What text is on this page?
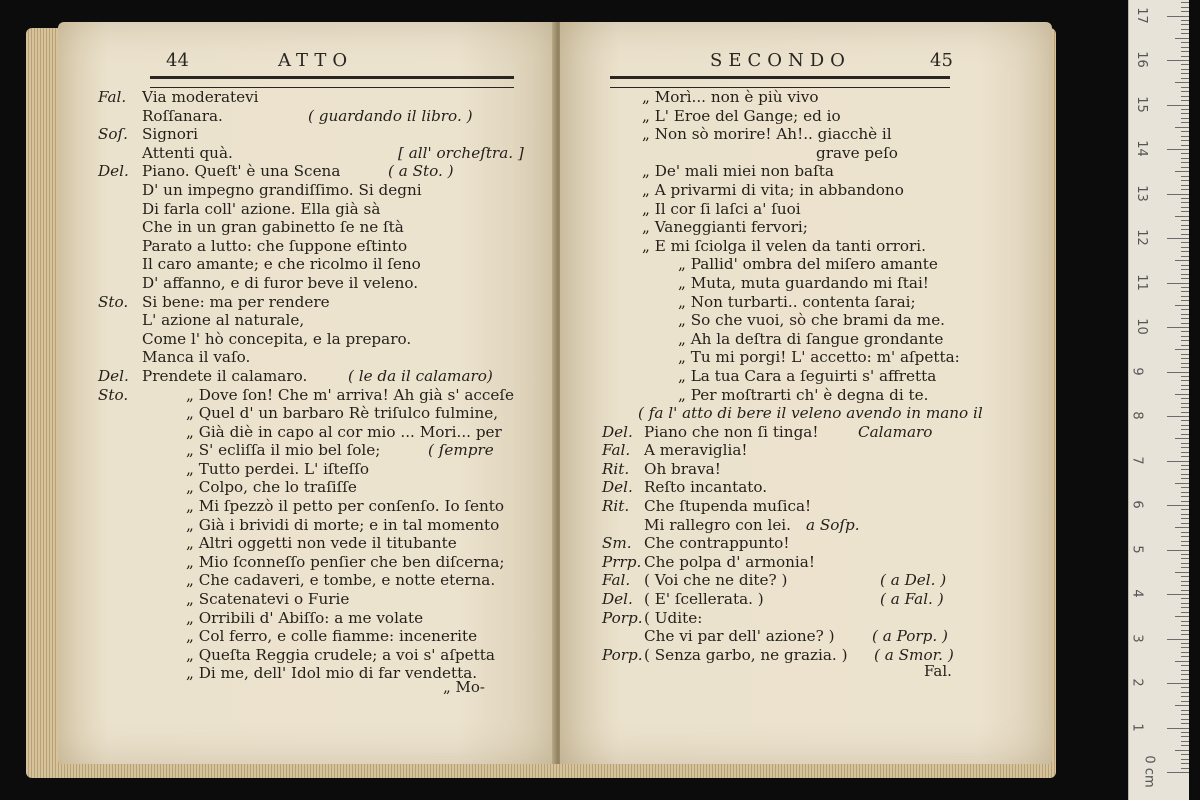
44	ATTO
Fal. Via moderatevi
Roſſanara.	( guardando il libro. )
Soſ. Signori
Attenti quà.	[ all' orcheſtra. ]
Del. Piano. Queſt' è una Scena	( a Sto. )
D' un impegno grandiſſimo. Si degni
Di farla coll' azione. Ella già sà
Che in un gran gabinetto ſe ne ſtà
Parato a lutto: che ſuppone eſtinto
Il caro amante; e che ricolmo il ſeno
D' affanno, e di furor beve il veleno.
Sto. Si bene: ma per rendere
L' azione al naturale,
Come l' hò concepita, e la preparo.
Manca il vaſo.
Del. Prendete il calamaro.	( le da il calamaro)
Sto.	„ Dove ſon! Che m' arriva! Ah già s' acceſe
„ Quel d' un barbaro Rè triſulco fulmine,
„ Già diè in capo al cor mio ... Mori... per
„ S' ecliſſa il mio bel ſole;	( ſempre
„ Tutto perdei. L' iſteſſo
„ Colpo, che lo traſiſſe
„ Mi ſpezzò il petto per conſenſo. Io ſento
„ Già i brividi di morte; e in tal momento
„ Altri oggetti non vede il titubante
„ Mio ſconneſſo penſier che ben diſcerna;
„ Che cadaveri, e tombe, e notte eterna.
„ Scatenatevi o Furie
„ Orribili d' Abiſſo: a me volate
„ Col ferro, e colle fiamme: incenerite
„ Queſta Reggia crudele; a voi s' aſpetta
„ Di me, dell' Idol mio di far vendetta.
„ Mo-
SECONDO	45
„ Morì... non è più vivo
„ L' Eroe del Gange; ed io
„ Non sò morire! Ah!.. giacchè il
grave peſo
„ De' mali miei non baſta
„ A privarmi di vita; in abbandono
„ Il cor ſi laſci a' ſuoi
„ Vaneggianti fervori;
„ E mi ſciolga il velen da tanti orrori.
„ Pallid' ombra del miſero amante
„ Muta, muta guardando mi ſtai!
„ Non turbarti.. contenta ſarai;
„ So che vuoi, sò che brami da me.
„ Ah la deſtra di ſangue grondante
„ Tu mi porgi! L' accetto: m' aſpetta:
„ La tua Cara a ſeguirti s' affretta
„ Per moſtrarti ch' è degna di te.
( fa l' atto di bere il veleno avendo in mano il
Del. Piano che non ſi tinga!	Calamaro
Fal. A meraviglia!
Rit. Oh brava!
Del. Reſto incantato.
Rit. Che ſtupenda muſica!
Mi rallegro con lei. a Soſp.
Sm. Che contrappunto!
Prrp. Che polpa d' armonia!
Fal. ( Voi che ne dite? )	( a Del. )
Del. ( E' ſcellerata. )	( a Fal. )
Porp. ( Udite:
Che vi par dell' azione? ) ( a Porp. )
Porp. ( Senza garbo, ne grazia. ) ( a Smor. )
Fal.
17
16
15
14
13
12
11
10
9
8
7
6
5
4
3
2
1
0 cm
